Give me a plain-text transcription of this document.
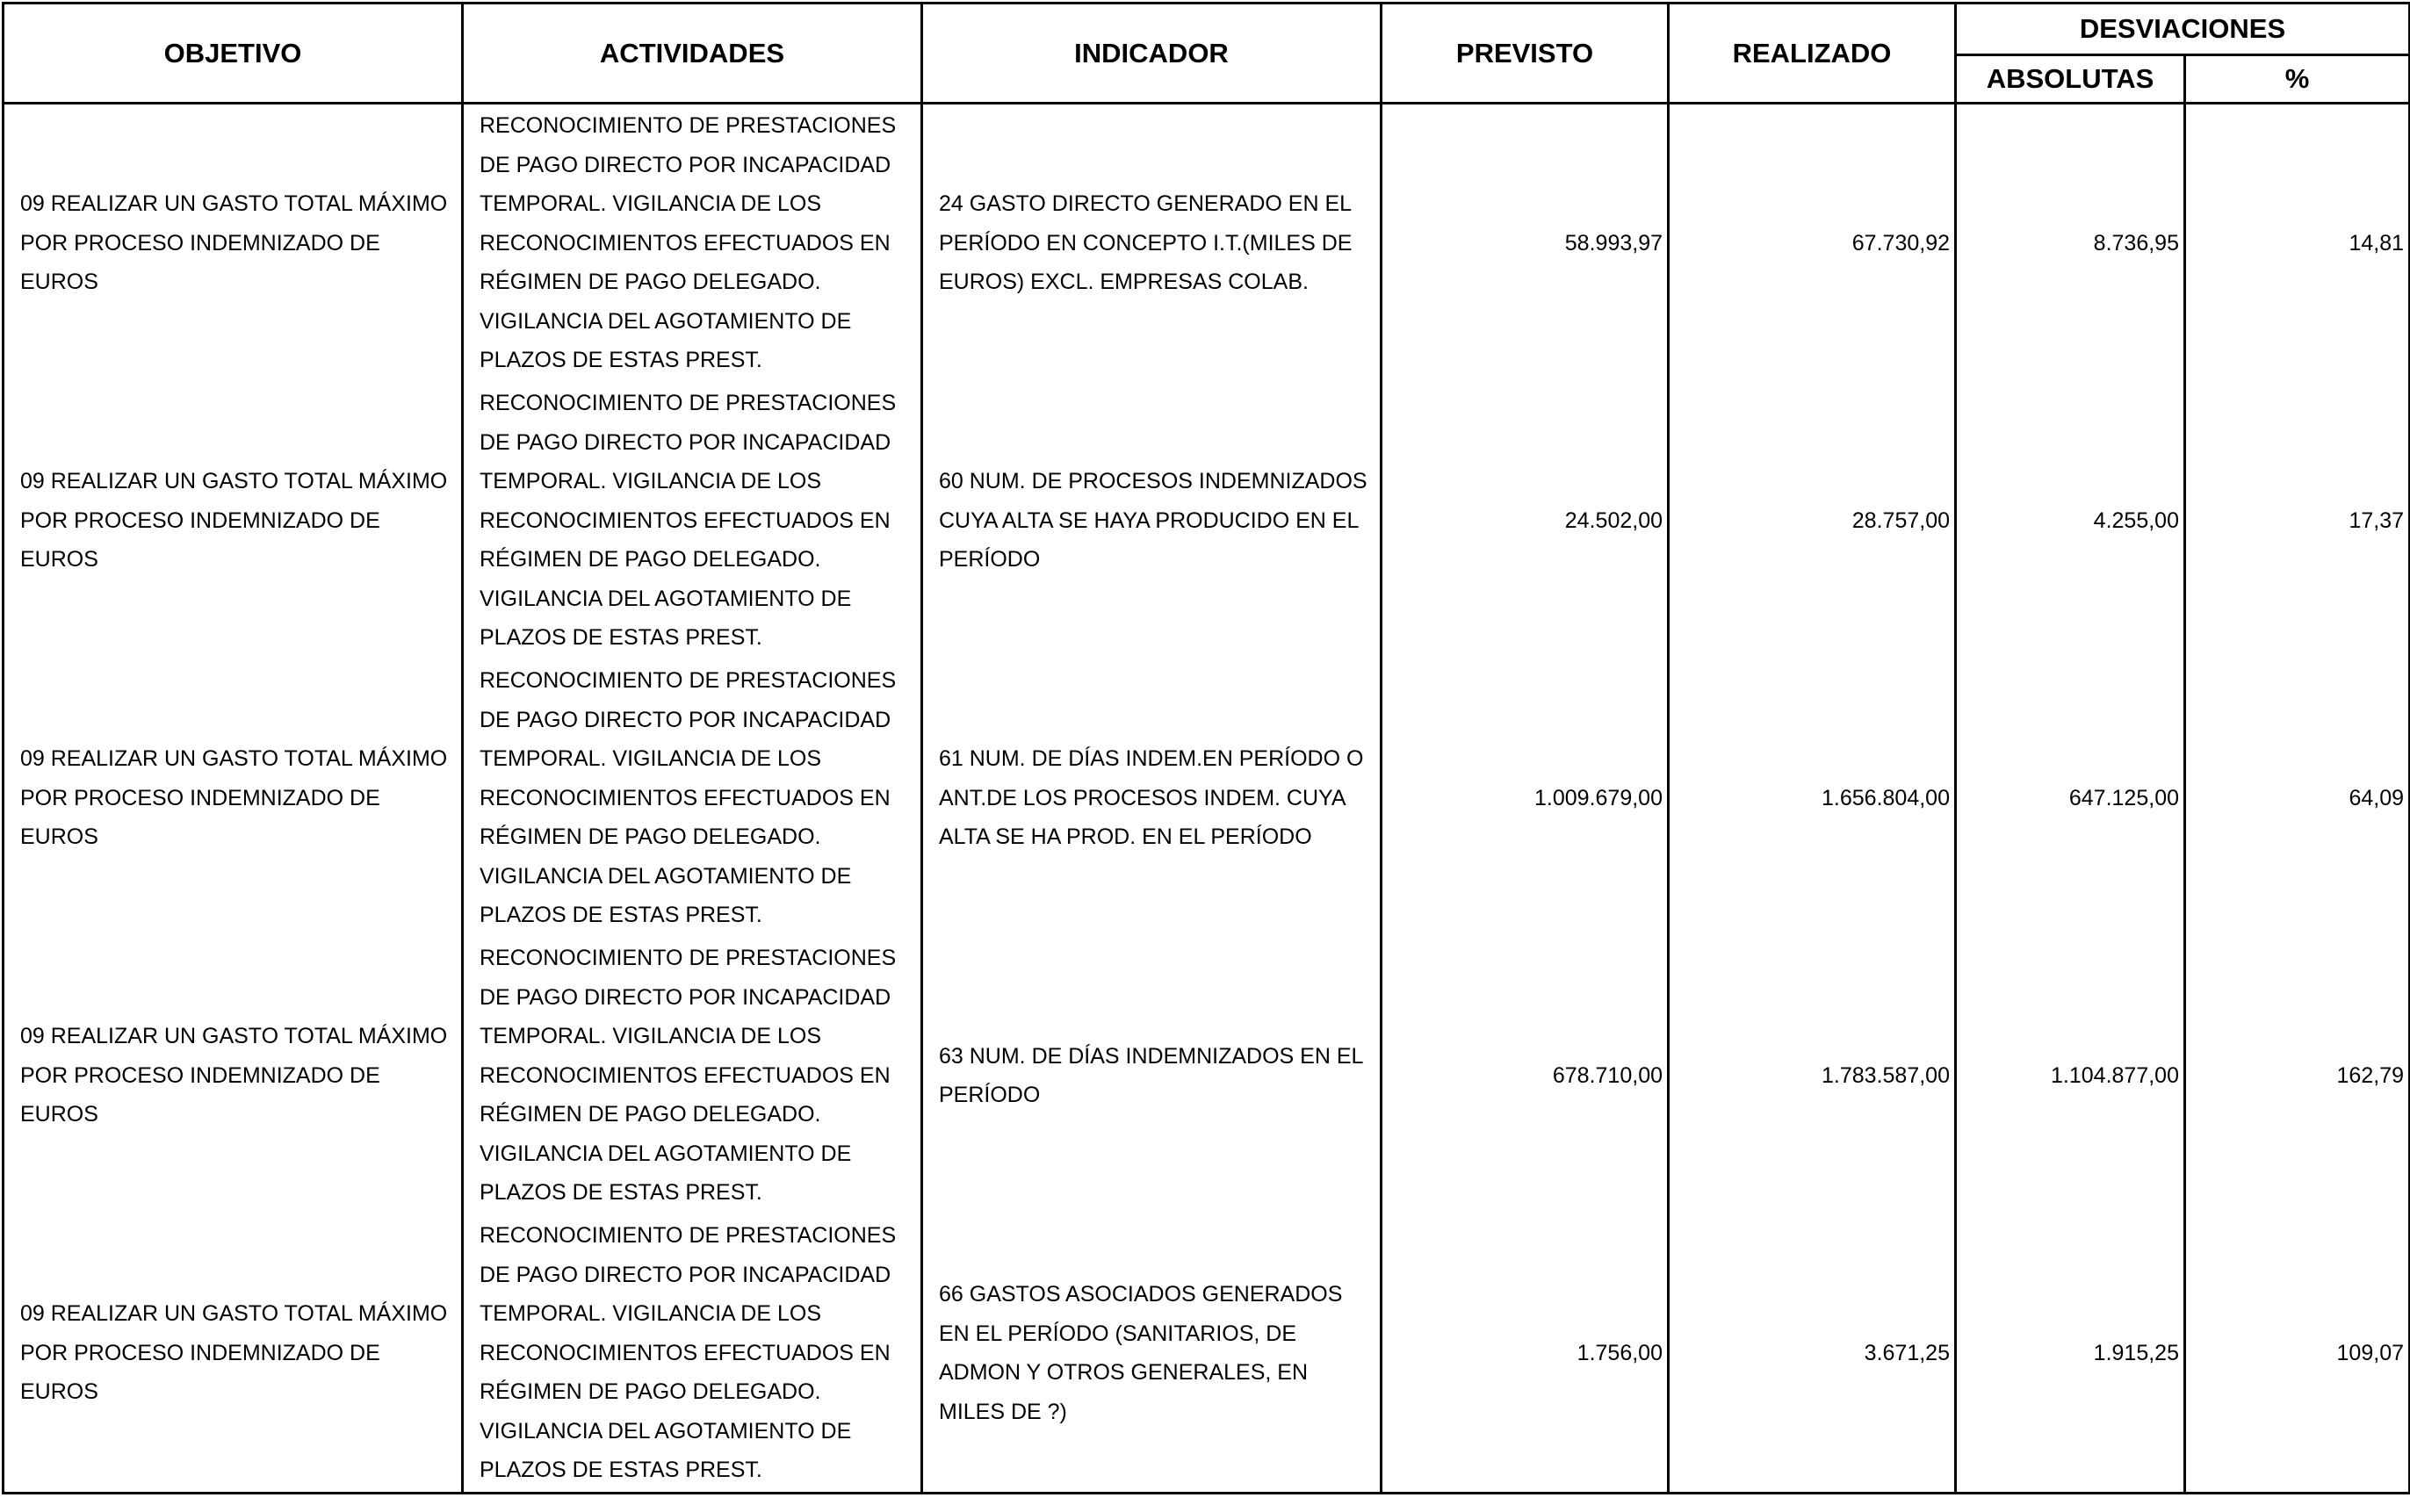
OBJETIVO	ACTIVIDADES	INDICADOR	PREVISTO	REALIZADO	DESVIACIONES	
					ABSOLUTAS	%

09 REALIZAR UN GASTO TOTAL MÁXIMO POR PROCESO INDEMNIZADO DE EUROS	RECONOCIMIENTO DE PRESTACIONES DE PAGO DIRECTO POR INCAPACIDAD TEMPORAL. VIGILANCIA DE LOS RECONOCIMIENTOS EFECTUADOS EN RÉGIMEN DE PAGO DELEGADO. VIGILANCIA DEL AGOTAMIENTO DE PLAZOS DE ESTAS PREST.	24 GASTO DIRECTO GENERADO EN EL PERÍODO EN CONCEPTO I.T.(MILES DE EUROS) EXCL. EMPRESAS COLAB.	58.993,97	67.730,92	8.736,95	14,81

09 REALIZAR UN GASTO TOTAL MÁXIMO POR PROCESO INDEMNIZADO DE EUROS	RECONOCIMIENTO DE PRESTACIONES DE PAGO DIRECTO POR INCAPACIDAD TEMPORAL. VIGILANCIA DE LOS RECONOCIMIENTOS EFECTUADOS EN RÉGIMEN DE PAGO DELEGADO. VIGILANCIA DEL AGOTAMIENTO DE PLAZOS DE ESTAS PREST.	60 NUM. DE PROCESOS INDEMNIZADOS CUYA ALTA SE HAYA PRODUCIDO EN EL PERÍODO	24.502,00	28.757,00	4.255,00	17,37

09 REALIZAR UN GASTO TOTAL MÁXIMO POR PROCESO INDEMNIZADO DE EUROS	RECONOCIMIENTO DE PRESTACIONES DE PAGO DIRECTO POR INCAPACIDAD TEMPORAL. VIGILANCIA DE LOS RECONOCIMIENTOS EFECTUADOS EN RÉGIMEN DE PAGO DELEGADO. VIGILANCIA DEL AGOTAMIENTO DE PLAZOS DE ESTAS PREST.	61 NUM. DE DÍAS INDEM.EN PERÍODO O ANT.DE LOS PROCESOS INDEM. CUYA ALTA SE HA PROD. EN EL PERÍODO	1.009.679,00	1.656.804,00	647.125,00	64,09

09 REALIZAR UN GASTO TOTAL MÁXIMO POR PROCESO INDEMNIZADO DE EUROS	RECONOCIMIENTO DE PRESTACIONES DE PAGO DIRECTO POR INCAPACIDAD TEMPORAL. VIGILANCIA DE LOS RECONOCIMIENTOS EFECTUADOS EN RÉGIMEN DE PAGO DELEGADO. VIGILANCIA DEL AGOTAMIENTO DE PLAZOS DE ESTAS PREST.	63 NUM. DE DÍAS INDEMNIZADOS EN EL PERÍODO	678.710,00	1.783.587,00	1.104.877,00	162,79

09 REALIZAR UN GASTO TOTAL MÁXIMO POR PROCESO INDEMNIZADO DE EUROS	RECONOCIMIENTO DE PRESTACIONES DE PAGO DIRECTO POR INCAPACIDAD TEMPORAL. VIGILANCIA DE LOS RECONOCIMIENTOS EFECTUADOS EN RÉGIMEN DE PAGO DELEGADO. VIGILANCIA DEL AGOTAMIENTO DE PLAZOS DE ESTAS PREST.	66 GASTOS ASOCIADOS GENERADOS EN EL PERÍODO (SANITARIOS, DE ADMON Y OTROS GENERALES, EN MILES DE ?)	1.756,00	3.671,25	1.915,25	109,07
